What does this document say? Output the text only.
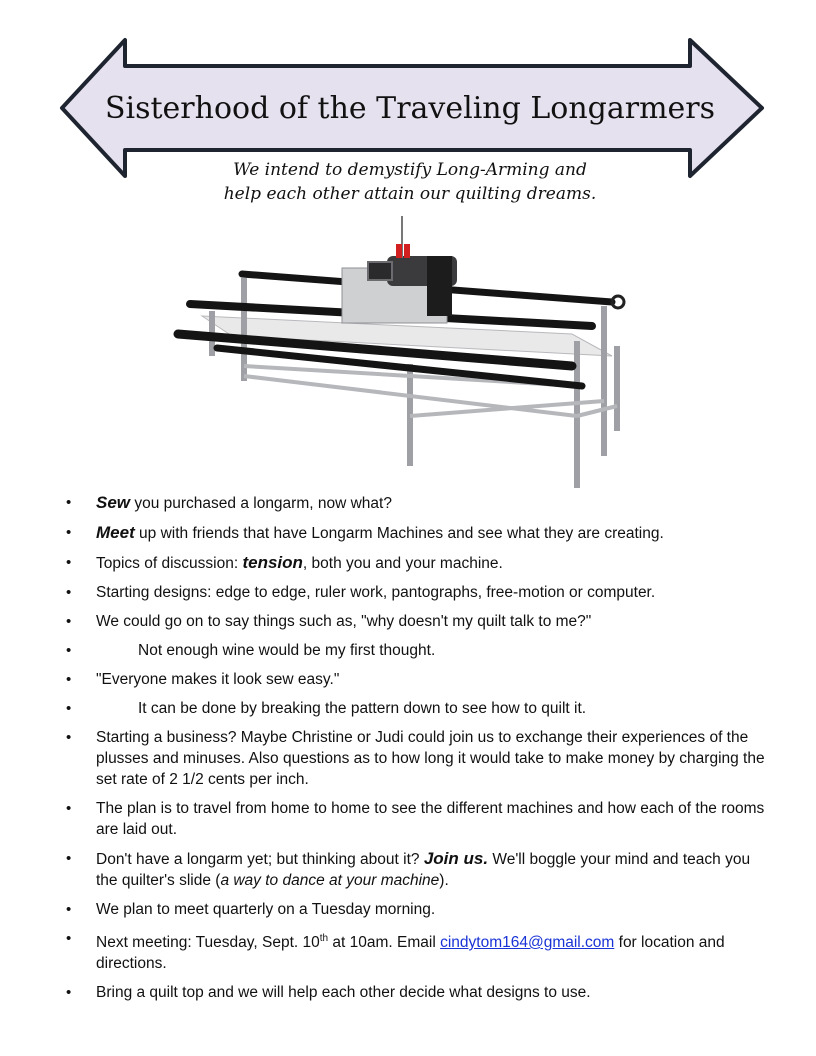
Sisterhood of the Traveling Longarmers
We intend to demystify Long-Arming and
help each other attain our quilting dreams.
• Sew you purchased a longarm, now what?
• Meet up with friends that have Longarm Machines and see what they are creating.
• Topics of discussion: tension, both you and your machine.
• Starting designs: edge to edge, ruler work, pantographs, free-motion or computer.
• We could go on to say things such as, "why doesn't my quilt talk to me?"
• Not enough wine would be my first thought.
• "Everyone makes it look sew easy."
• It can be done by breaking the pattern down to see how to quilt it.
• Starting a business? Maybe Christine or Judi could join us to exchange their experiences of the plusses and minuses. Also questions as to how long it would take to make money by charging the set rate of 2 1/2 cents per inch.
• The plan is to travel from home to home to see the different machines and how each of the rooms are laid out.
• Don't have a longarm yet; but thinking about it? Join us. We'll boggle your mind and teach you the quilter's slide (a way to dance at your machine).
• We plan to meet quarterly on a Tuesday morning.
• Next meeting: Tuesday, Sept. 10th at 10am. Email cindytom164@gmail.com for location and directions.
• Bring a quilt top and we will help each other decide what designs to use.
